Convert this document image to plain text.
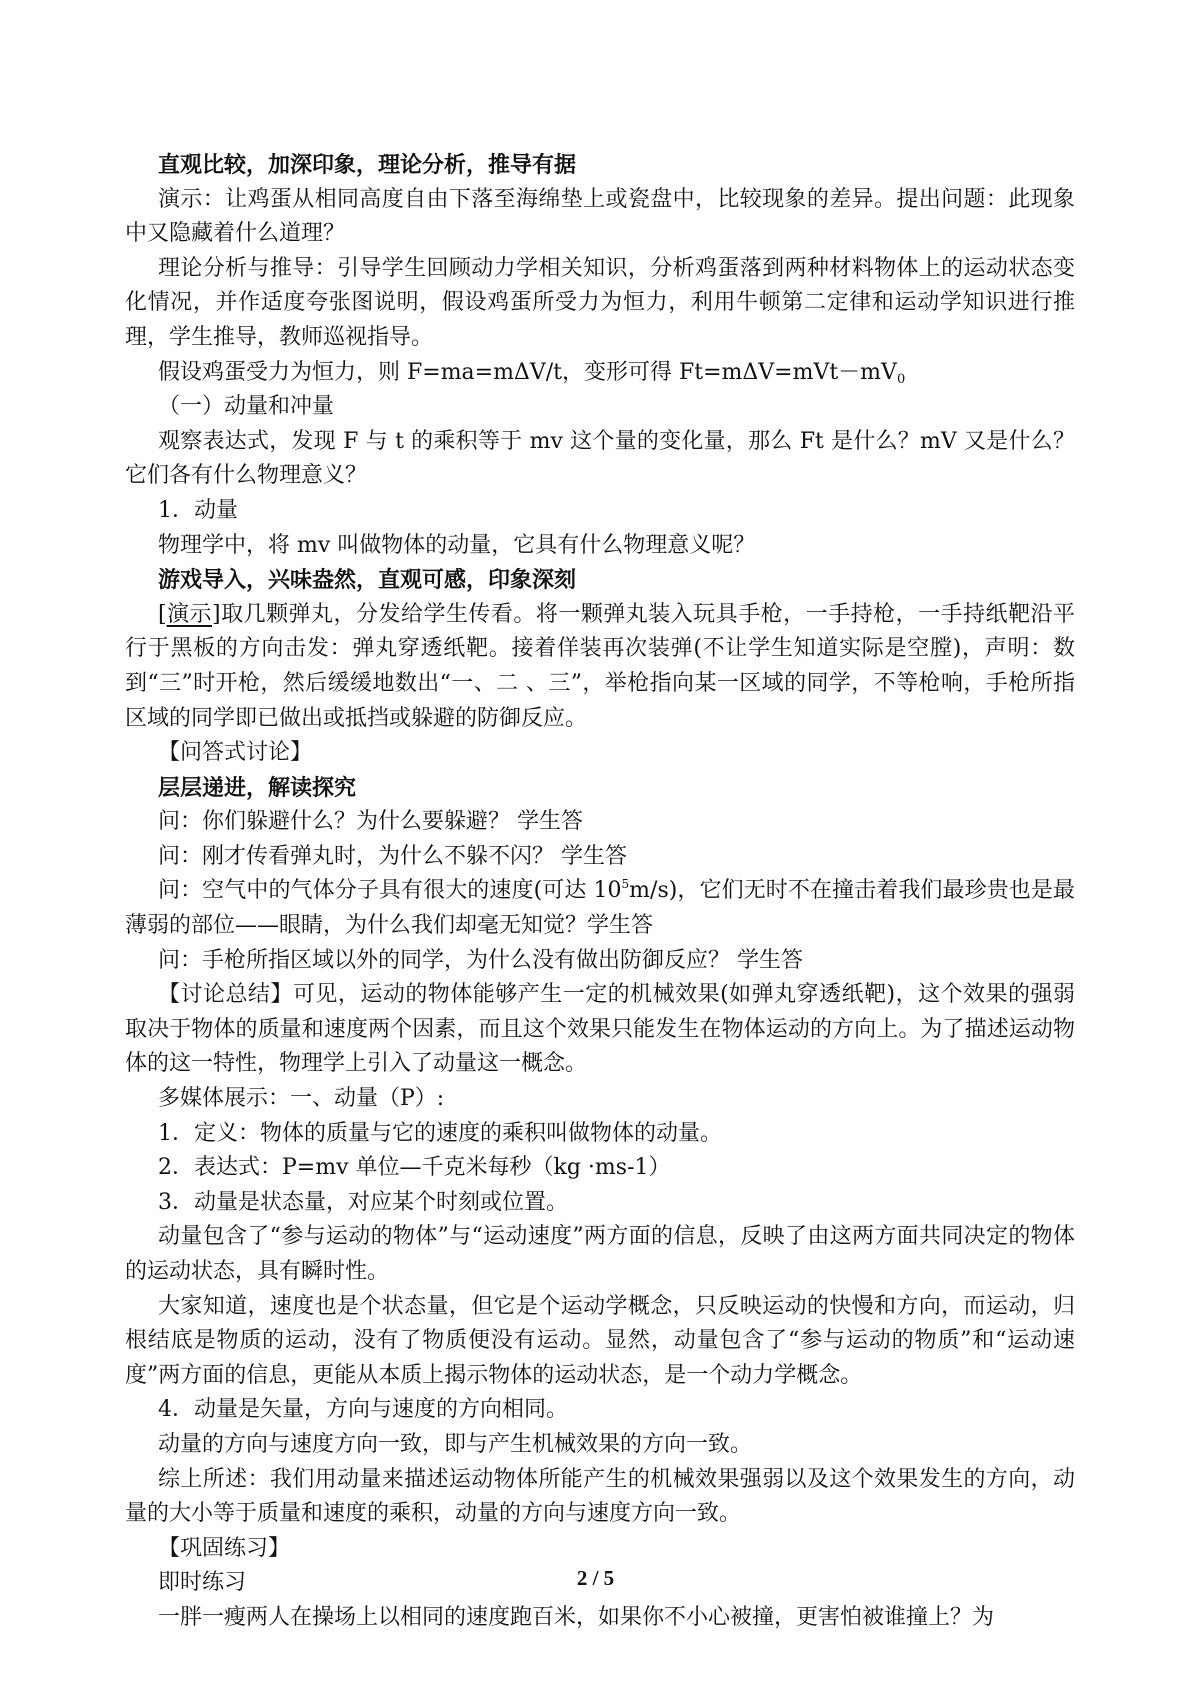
直观比较，加深印象，理论分析，推导有据

演示：让鸡蛋从相同高度自由下落至海绵垫上或瓷盘中，比较现象的差异。提出问题：此现象中又隐藏着什么道理？

理论分析与推导：引导学生回顾动力学相关知识，分析鸡蛋落到两种材料物体上的运动状态变化情况，并作适度夸张图说明，假设鸡蛋所受力为恒力，利用牛顿第二定律和运动学知识进行推理，学生推导，教师巡视指导。

假设鸡蛋受力为恒力，则 F=ma=mΔV/t，变形可得 $Ft=m\Delta V=mVt-mV_0$

（一）动量和冲量

观察表达式，发现 F 与 t 的乘积等于 mv 这个量的变化量，那么 Ft 是什么？mV 又是什么？它们各有什么物理意义？

1．动量

物理学中，将 mv 叫做物体的动量，它具有什么物理意义呢？

游戏导入，兴味盎然，直观可感，印象深刻

[演示]取几颗弹丸，分发给学生传看。将一颗弹丸装入玩具手枪，一手持枪，一手持纸靶沿平行于黑板的方向击发：弹丸穿透纸靶。接着佯装再次装弹(不让学生知道实际是空膛)，声明：数到“三”时开枪，然后缓缓地数出“一、二 、三”，举枪指向某一区域的同学，不等枪响，手枪所指区域的同学即已做出或抵挡或躲避的防御反应。

【问答式讨论】

层层递进，解读探究

问：你们躲避什么？为什么要躲避？ 学生答

问：刚才传看弹丸时，为什么不躲不闪？ 学生答

问：空气中的气体分子具有很大的速度(可达 $10^5m/s$)，它们无时不在撞击着我们最珍贵也是最薄弱的部位——眼睛，为什么我们却毫无知觉？学生答

问：手枪所指区域以外的同学，为什么没有做出防御反应？ 学生答

【讨论总结】可见，运动的物体能够产生一定的机械效果(如弹丸穿透纸靶)，这个效果的强弱取决于物体的质量和速度两个因素，而且这个效果只能发生在物体运动的方向上。为了描述运动物体的这一特性，物理学上引入了动量这一概念。

多媒体展示：一、动量（P）:

1．定义：物体的质量与它的速度的乘积叫做物体的动量。

2．表达式：P=mv 单位—千克米每秒（kg ·ms-1）

3．动量是状态量，对应某个时刻或位置。

动量包含了“参与运动的物体”与“运动速度”两方面的信息，反映了由这两方面共同决定的物体的运动状态，具有瞬时性。

大家知道，速度也是个状态量，但它是个运动学概念，只反映运动的快慢和方向，而运动，归根结底是物质的运动，没有了物质便没有运动。显然，动量包含了“参与运动的物质”和“运动速度”两方面的信息，更能从本质上揭示物体的运动状态，是一个动力学概念。

4．动量是矢量，方向与速度的方向相同。

动量的方向与速度方向一致，即与产生机械效果的方向一致。

综上所述：我们用动量来描述运动物体所能产生的机械效果强弱以及这个效果发生的方向，动量的大小等于质量和速度的乘积，动量的方向与速度方向一致。

【巩固练习】

即时练习

一胖一瘦两人在操场上以相同的速度跑百米，如果你不小心被撞，更害怕被谁撞上？为

2 / 5
